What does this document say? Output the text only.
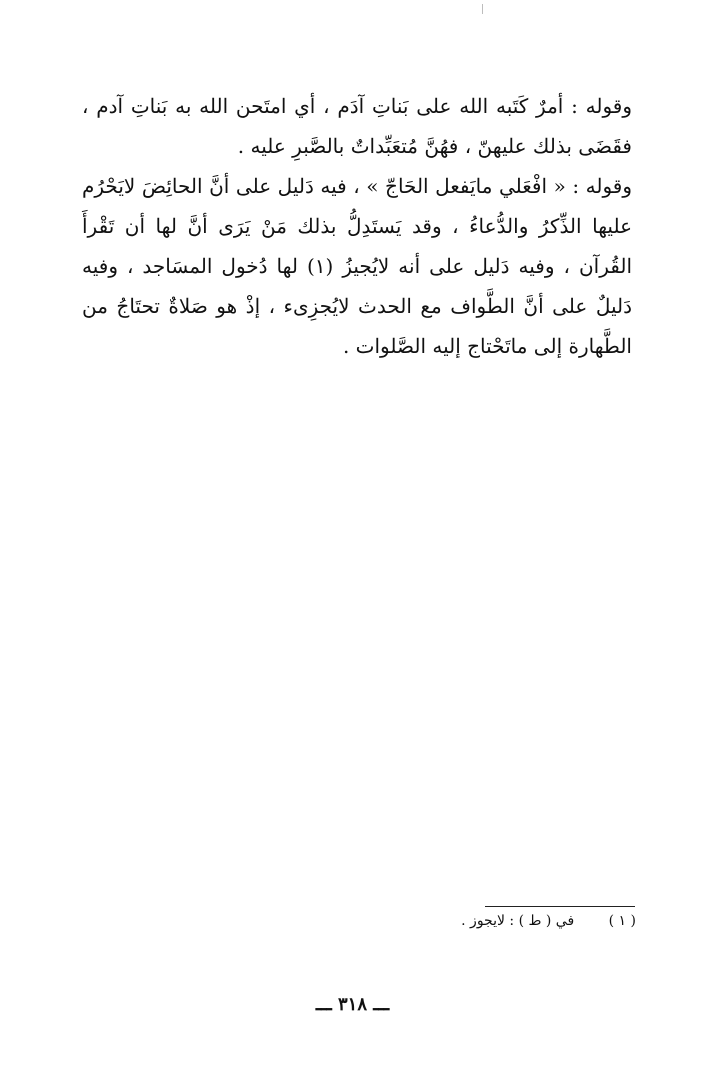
وقوله : أمرٌ كَتَبه الله على بَناتِ آدَم ، أي امتَحن الله به بَناتِ آدم ، فقَضَى بذلك عليهنّ ، فهُنَّ مُتعَبِّداتٌ بالصَّبرِ عليه .

وقوله : « افْعَلي مايَفعل الحَاجّ » ، فيه دَليل على أنَّ الحائِضَ لايَحْرُم عليها الذِّكرُ والدُّعاءُ ، وقد يَستَدِلُّ بذلك مَنْ يَرَى أنَّ لها أن تَقْرأَ القُرآن ، وفيه دَليل على أنه لايُجيزُ (١) لها دُخول المسَاجد ، وفيه دَليلٌ على أنَّ الطَّواف مع الحدث لايُجزِىء ، إذْ هو صَلاةٌ تحتَاجُ من الطَّهارة إلى ماتَحْتاج إليه الصَّلوات .

( ١ ) في ( ط ) : لايجوز .
ـــ ٣١٨ ـــ
